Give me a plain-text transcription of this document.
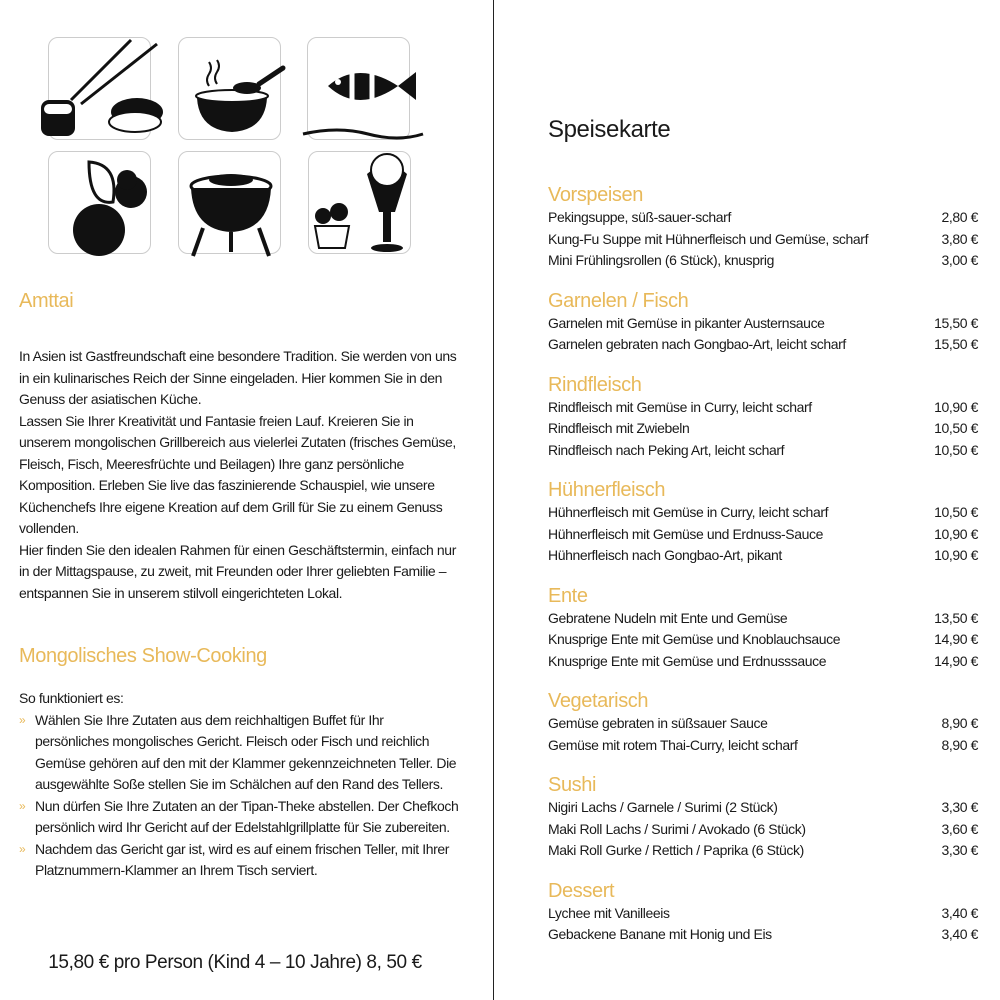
Amttai

In Asien ist Gastfreundschaft eine besondere Tradition. Sie werden von uns in ein kulinarisches Reich der Sinne eingeladen. Hier kommen Sie in den Genuss der asiatischen Küche.

Lassen Sie Ihrer Kreativität und Fantasie freien Lauf. Kreieren Sie in unserem mongolischen Grillbereich aus vielerlei Zutaten (frisches Gemüse, Fleisch, Fisch, Meeresfrüchte und Beilagen) Ihre ganz persönliche Komposition. Erleben Sie live das faszinierende Schauspiel, wie unsere Küchenchefs Ihre eigene Kreation auf dem Grill für Sie zu einem Genuss vollenden.

Hier finden Sie den idealen Rahmen für einen Geschäftstermin, einfach nur in der Mittagspause, zu zweit, mit Freunden oder Ihrer geliebten Familie – entspannen Sie in unserem stilvoll eingerichteten Lokal.

Mongolisches Show-Cooking

So funktioniert es:

» Wählen Sie Ihre Zutaten aus dem reichhaltigen Buffet für Ihr persönliches mongolisches Gericht. Fleisch oder Fisch und reichlich Gemüse gehören auf den mit der Klammer gekennzeichneten Teller. Die ausgewählte Soße stellen Sie im Schälchen auf den Rand des Tellers.
» Nun dürfen Sie Ihre Zutaten an der Tipan-Theke abstellen. Der Chefkoch persönlich wird Ihr Gericht auf der Edelstahlgrillplatte für Sie zubereiten.
» Nachdem das Gericht gar ist, wird es auf einem frischen Teller, mit Ihrer Platznummern-Klammer an Ihrem Tisch serviert.
15,80 € pro Person (Kind 4 – 10 Jahre) 8, 50 €
Speisekarte
Vorspeisen
Pekingsuppe, süß-sauer-scharf	2,80 €
Kung-Fu Suppe mit Hühnerfleisch und Gemüse, scharf	3,80 €
Mini Frühlingsrollen (6 Stück), knusprig	3,00 €
Garnelen / Fisch
Garnelen mit Gemüse in pikanter Austernsauce	15,50 €
Garnelen gebraten nach Gongbao-Art, leicht scharf	15,50 €
Rindfleisch
Rindfleisch mit Gemüse in Curry, leicht scharf	10,90 €
Rindfleisch mit Zwiebeln	10,50 €
Rindfleisch nach Peking Art, leicht scharf	10,50 €
Hühnerfleisch
Hühnerfleisch mit Gemüse in Curry, leicht scharf	10,50 €
Hühnerfleisch mit Gemüse und Erdnuss-Sauce	10,90 €
Hühnerfleisch nach Gongbao-Art, pikant	10,90 €
Ente
Gebratene Nudeln mit Ente und Gemüse	13,50 €
Knusprige Ente mit Gemüse und Knoblauchsauce	14,90 €
Knusprige Ente mit Gemüse und Erdnusssauce	14,90 €
Vegetarisch
Gemüse gebraten in süßsauer Sauce	8,90 €
Gemüse mit rotem Thai-Curry, leicht scharf	8,90 €
Sushi
Nigiri Lachs / Garnele / Surimi (2 Stück)	3,30 €
Maki Roll Lachs / Surimi / Avokado (6 Stück)	3,60 €
Maki Roll Gurke / Rettich / Paprika (6 Stück)	3,30 €
Dessert
Lychee mit Vanilleeis	3,40 €
Gebackene Banane mit Honig und Eis	3,40 €
